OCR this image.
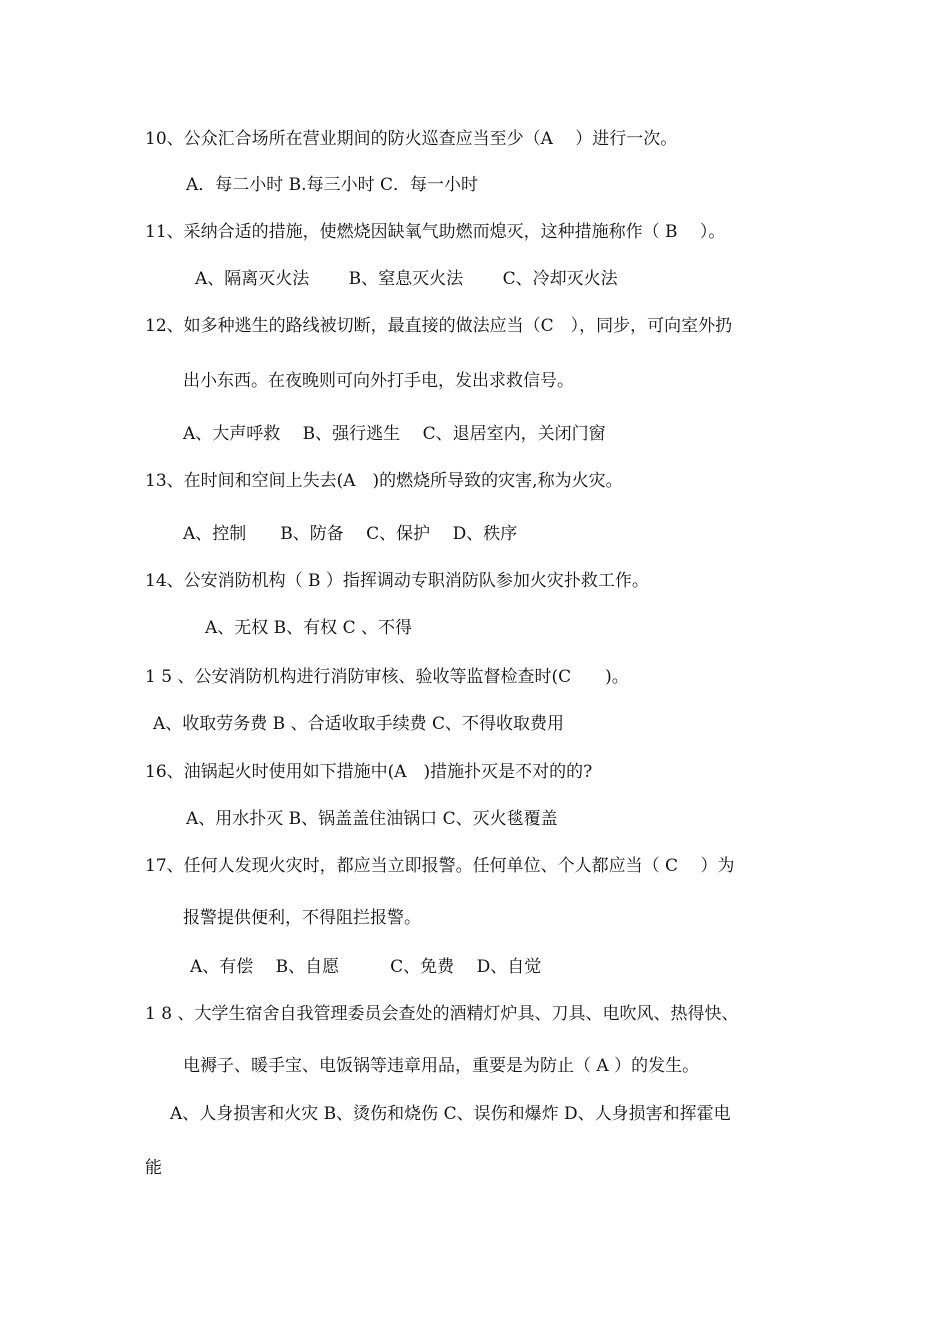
10、公众汇合场所在营业期间的防火巡查应当至少（A　 ）进行一次。
A．每二小时 B.每三小时 C．每一小时
11、采纳合适的措施，使燃烧因缺氧气助燃而熄灭，这种措施称作（ B　 ）。
A、隔离灭火法　　 B、窒息灭火法　　 C、冷却灭火法
12、如多种逃生的路线被切断，最直接的做法应当（C　），同步，可向室外扔
出小东西。在夜晚则可向外打手电，发出求救信号。
A、大声呼救　 B、强行逃生　 C、退居室内，关闭门窗
13、在时间和空间上失去(A　)的燃烧所导致的灾害,称为火灾。
A、控制　　B、防备　 C、保护　 D、秩序
14、公安消防机构（ B ）指挥调动专职消防队参加火灾扑救工作。
A、无权 B、有权 C 、不得
1 5 、公安消防机构进行消防审核、验收等监督检查时(C　　)。
A、收取劳务费 B 、合适收取手续费 C、不得收取费用
16、油锅起火时使用如下措施中(A　)措施扑灭是不对的的?
A、用水扑灭 B、锅盖盖住油锅口 C、灭火毯覆盖
17、任何人发现火灾时，都应当立即报警。任何单位、个人都应当（ C　 ）为
报警提供便利，不得阻拦报警。
A、有偿　 B、自愿　　　C、免费　 D、自觉
1 8 、大学生宿舍自我管理委员会查处的酒精灯炉具、刀具、电吹风、热得快、
电褥子、暖手宝、电饭锅等违章用品，重要是为防止（ A ）的发生。
A、人身损害和火灾 B、烫伤和烧伤 C、误伤和爆炸 D、人身损害和挥霍电
能
